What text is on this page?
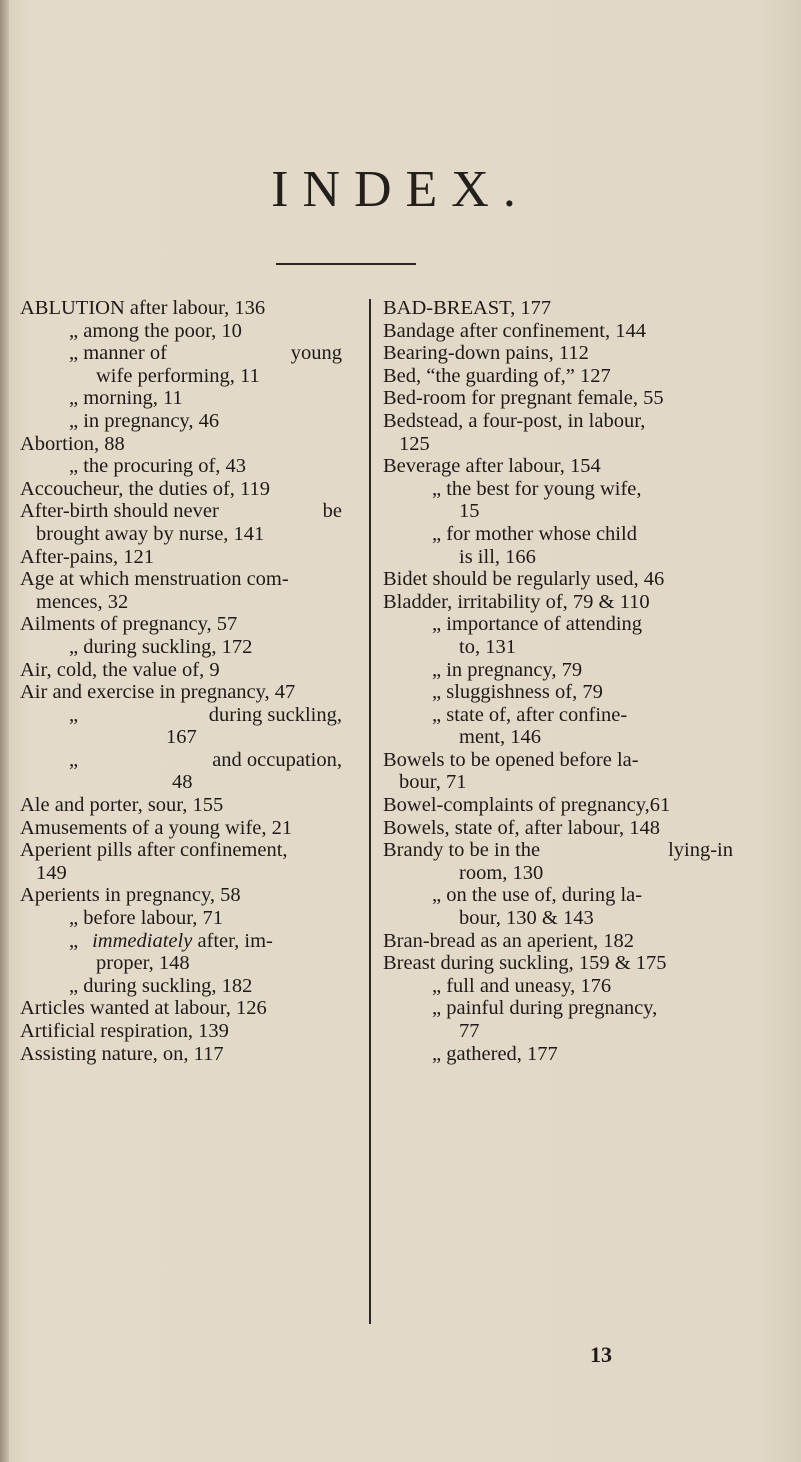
INDEX.
ABLUTION after labour, 136
„ among the poor, 10
„ manner of	young
wife performing, 11
„ morning, 11
„ in pregnancy, 46
Abortion, 88
„ the procuring of, 43
Accoucheur, the duties of, 119
After-birth should never	be
brought away by nurse, 141
After-pains, 121
Age at which menstruation com-
mences, 32
Ailments of pregnancy, 57
„ during suckling, 172
Air, cold, the value of, 9
Air and exercise in pregnancy, 47
„	during suckling,
167
„	and occupation,
48
Ale and porter, sour, 155
Amusements of a young wife, 21
Aperient pills after confinement,
149
Aperients in pregnancy, 58
„ before labour, 71
„ immediately after, im-
proper, 148
„ during suckling, 182
Articles wanted at labour, 126
Artificial respiration, 139
Assisting nature, on, 117
BAD-BREAST, 177
Bandage after confinement, 144
Bearing-down pains, 112
Bed, “the guarding of,” 127
Bed-room for pregnant female, 55
Bedstead, a four-post, in labour,
125
Beverage after labour, 154
„ the best for young wife,
15
„ for mother whose child
is ill, 166
Bidet should be regularly used, 46
Bladder, irritability of, 79 & 110
„ importance of attending
to, 131
„ in pregnancy, 79
„ sluggishness of, 79
„ state of, after confine-
ment, 146
Bowels to be opened before la-
bour, 71
Bowel-complaints of pregnancy,61
Bowels, state of, after labour, 148
Brandy to be in the	lying-in
room, 130
„ on the use of, during la-
bour, 130 & 143
Bran-bread as an aperient, 182
Breast during suckling, 159 & 175
„ full and uneasy, 176
„ painful during pregnancy,
77
„ gathered, 177
13
